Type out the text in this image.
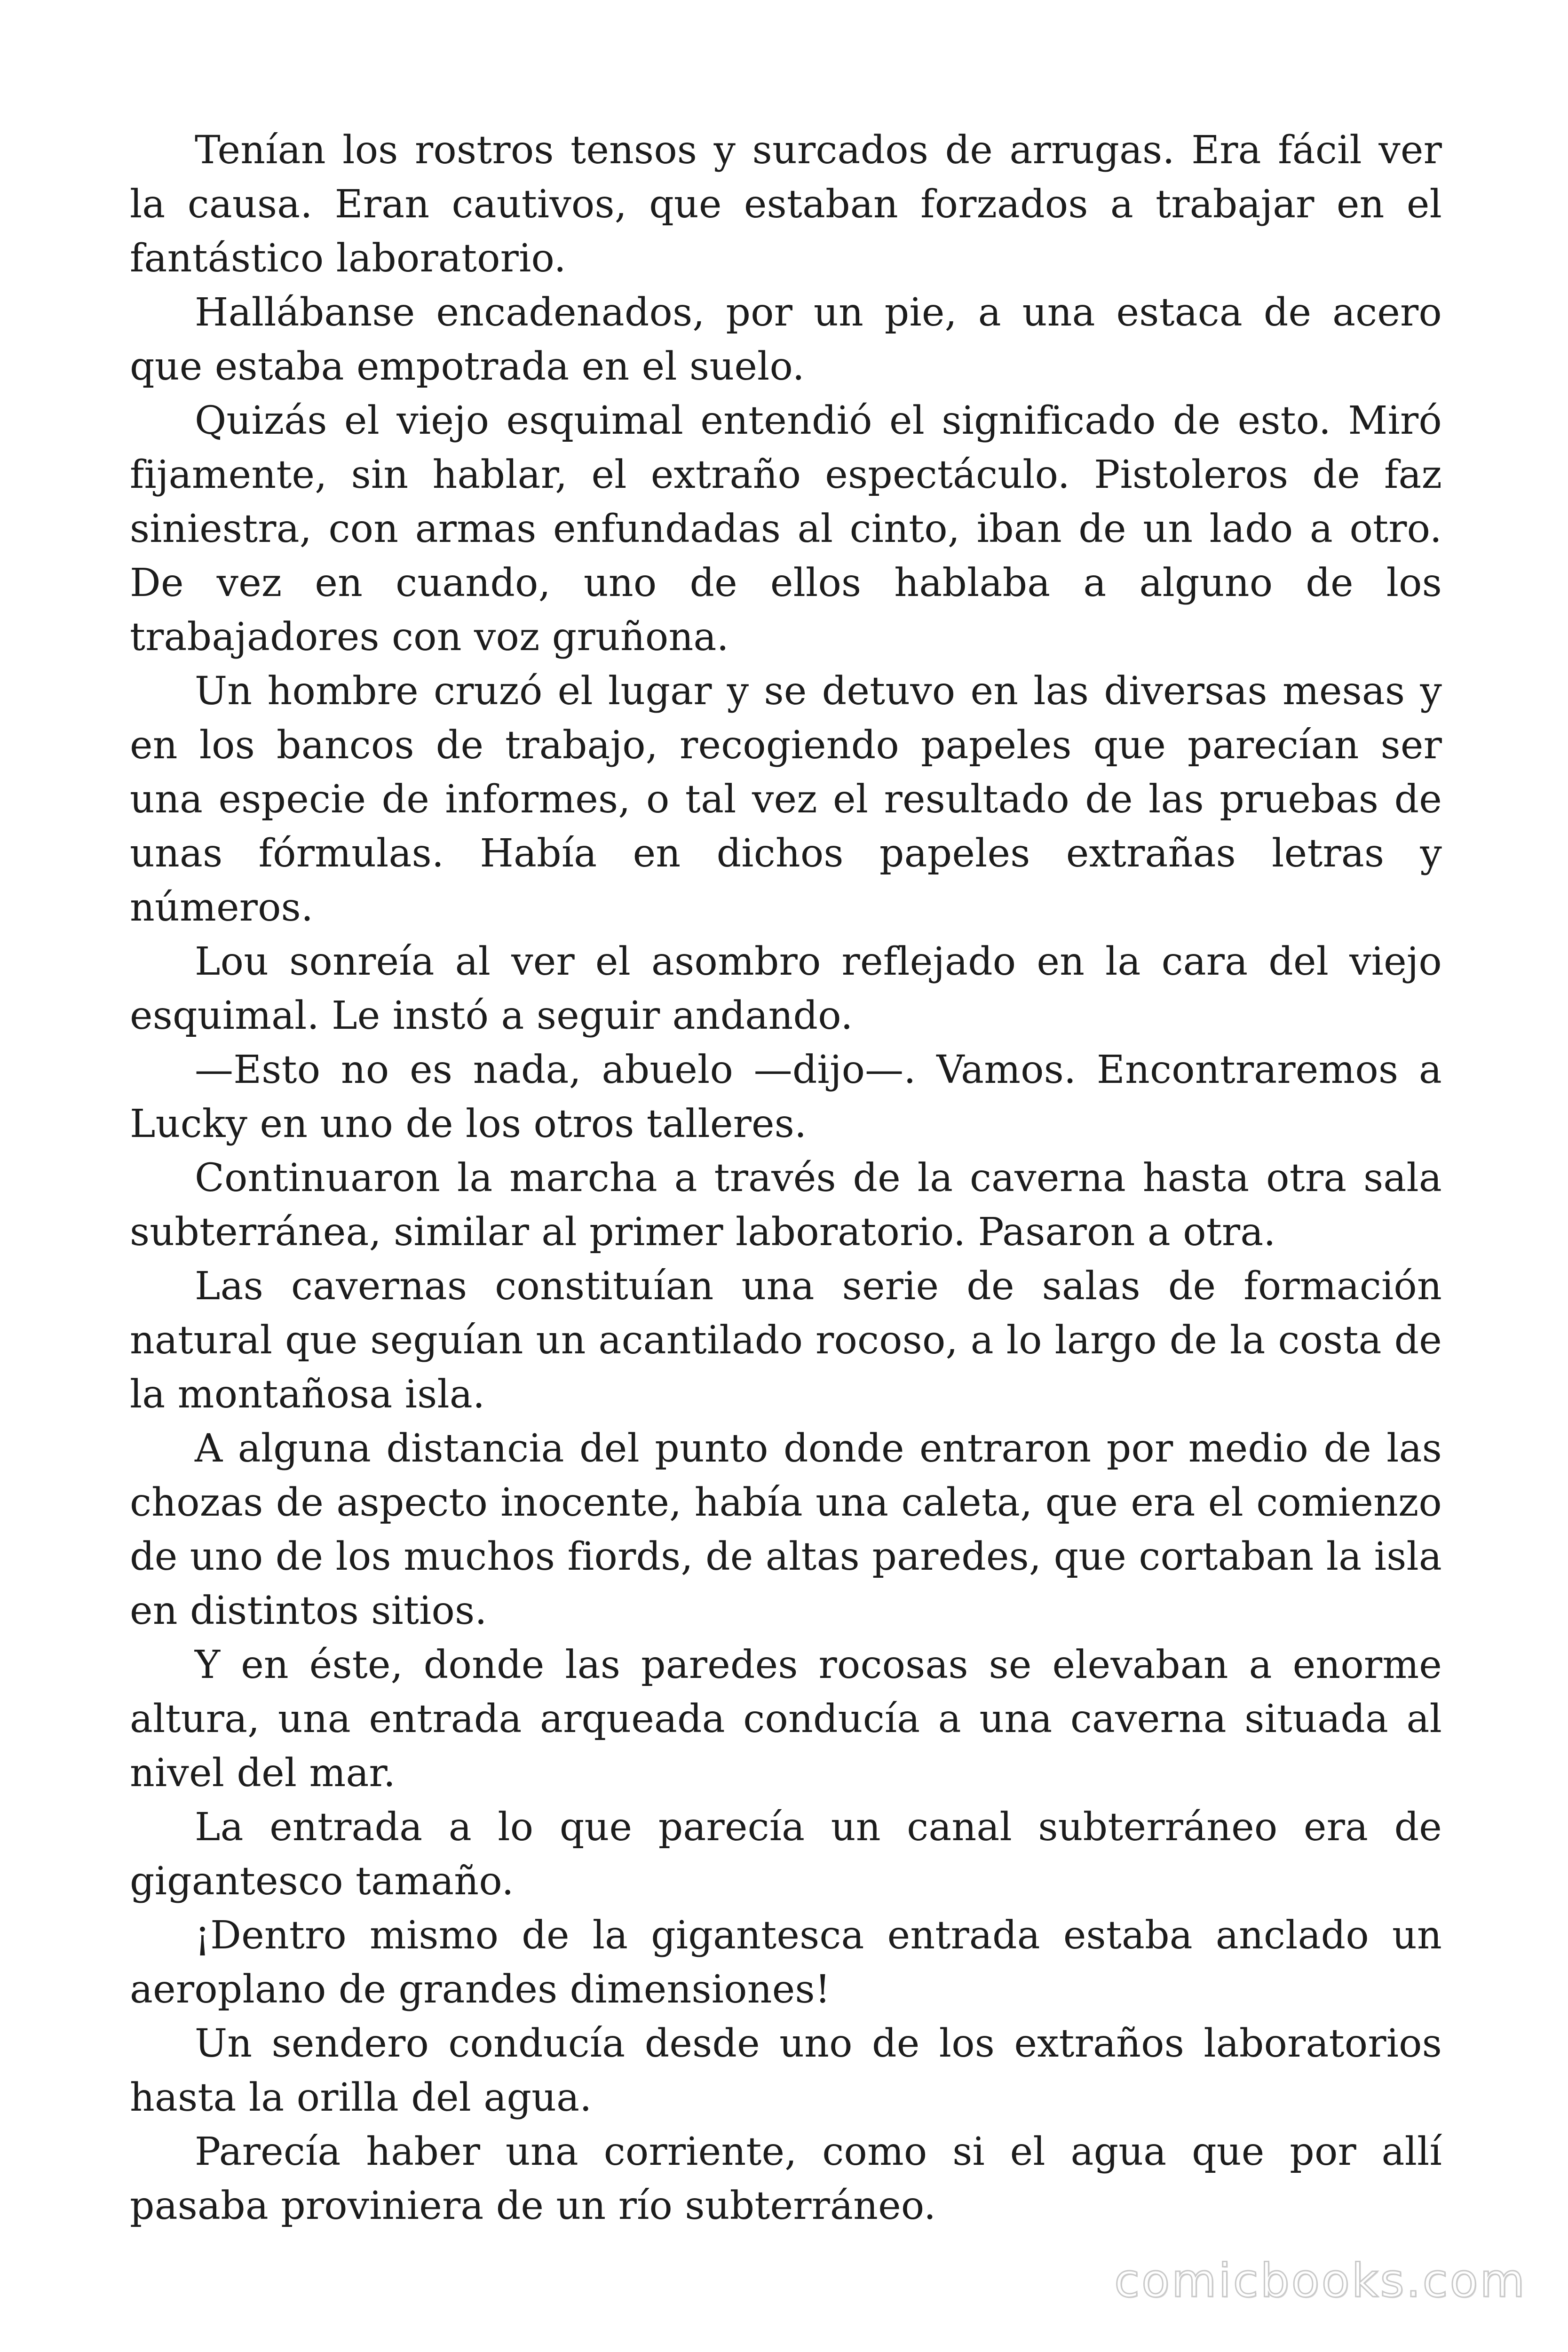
Tenían los rostros tensos y surcados de arrugas. Era fácil ver la causa. Eran cautivos, que estaban forzados a trabajar en el fantástico laboratorio.

Hallábanse encadenados, por un pie, a una estaca de acero que estaba empotrada en el suelo.

Quizás el viejo esquimal entendió el significado de esto. Miró fijamente, sin hablar, el extraño espectáculo. Pistoleros de faz siniestra, con armas enfundadas al cinto, iban de un lado a otro. De vez en cuando, uno de ellos hablaba a alguno de los trabajadores con voz gruñona.

Un hombre cruzó el lugar y se detuvo en las diversas mesas y en los bancos de trabajo, recogiendo papeles que parecían ser una especie de informes, o tal vez el resultado de las pruebas de unas fórmulas. Había en dichos papeles extrañas letras y números.

Lou sonreía al ver el asombro reflejado en la cara del viejo esquimal. Le instó a seguir andando.

—Esto no es nada, abuelo —dijo—. Vamos. Encontraremos a Lucky en uno de los otros talleres.

Continuaron la marcha a través de la caverna hasta otra sala subterránea, similar al primer laboratorio. Pasaron a otra.

Las cavernas constituían una serie de salas de formación natural que seguían un acantilado rocoso, a lo largo de la costa de la montañosa isla.

A alguna distancia del punto donde entraron por medio de las chozas de aspecto inocente, había una caleta, que era el comienzo de uno de los muchos fiords, de altas paredes, que cortaban la isla en distintos sitios.

Y en éste, donde las paredes rocosas se elevaban a enorme altura, una entrada arqueada conducía a una caverna situada al nivel del mar.

La entrada a lo que parecía un canal subterráneo era de gigantesco tamaño.

¡Dentro mismo de la gigantesca entrada estaba anclado un aeroplano de grandes dimensiones!

Un sendero conducía desde uno de los extraños laboratorios hasta la orilla del agua.

Parecía haber una corriente, como si el agua que por allí pasaba proviniera de un río subterráneo.

comicbooks.com
